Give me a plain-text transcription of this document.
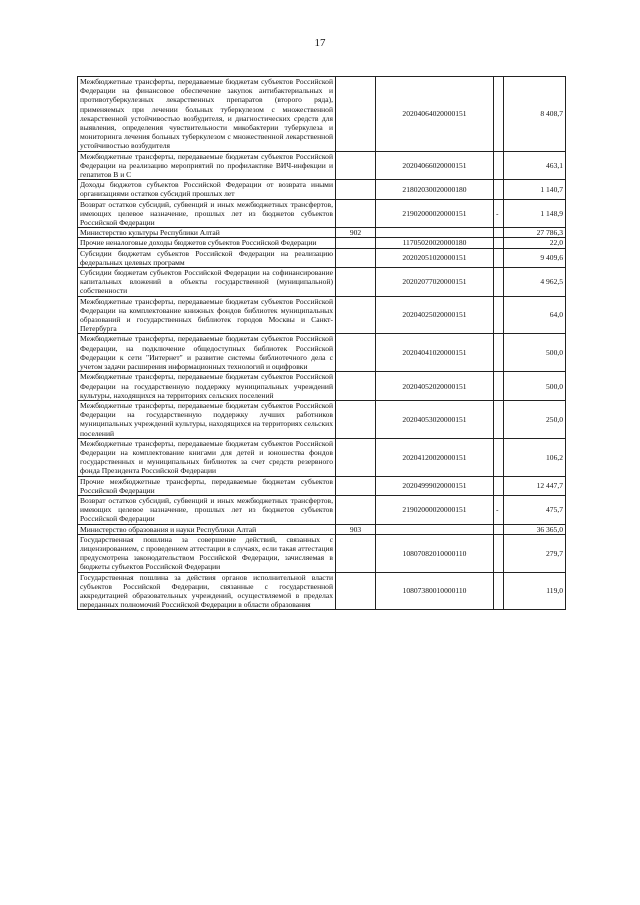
17
Межбюджетные трансферты, передаваемые бюджетам субъектов Российской Федерации на финансовое обеспечение закупок антибактериальных и противотуберкулезных лекарственных препаратов (второго ряда), применяемых при лечении больных туберкулезом с множественной лекарственной устойчивостью возбудителя, и диагностических средств для выявления, определения чувствительности микобактерии туберкулеза и мониторинга лечения больных туберкулезом с множественной лекарственной устойчивостью возбудителя		20204064020000151		8 408,7
Межбюджетные трансферты, передаваемые бюджетам субъектов Российской Федерации на реализацию мероприятий по профилактике ВИЧ-инфекции и гепатитов В и С		20204066020000151		463,1
Доходы бюджетов субъектов Российской Федерации от возврата иными организациями остатков субсидий прошлых лет		21802030020000180		1 140,7
Возврат остатков субсидий, субвенций и иных межбюджетных трансфертов, имеющих целевое назначение, прошлых лет из бюджетов субъектов Российской Федерации		21902000020000151	-	1 148,9
Министерство культуры Республики Алтай	902			27 786,3
Прочие неналоговые доходы бюджетов субъектов Российской Федерации		11705020020000180		22,0
Субсидии бюджетам субъектов Российской Федерации на реализацию федеральных целевых программ		20202051020000151		9 409,6
Субсидии бюджетам субъектов Российской Федерации на софинансирование капитальных вложений в объекты государственной (муниципальной) собственности		20202077020000151		4 962,5
Межбюджетные трансферты, передаваемые бюджетам субъектов Российской Федерации на комплектование книжных фондов библиотек муниципальных образований и государственных библиотек городов Москвы и Санкт-Петербурга		20204025020000151		64,0
Межбюджетные трансферты, передаваемые бюджетам субъектов Российской Федерации, на подключение общедоступных библиотек Российской Федерации к сети "Интернет" и развитие системы библиотечного дела с учетом задачи расширения информационных технологий и оцифровки		20204041020000151		500,0
Межбюджетные трансферты, передаваемые бюджетам субъектов Российской Федерации на государственную поддержку муниципальных учреждений культуры, находящихся на территориях сельских поселений		20204052020000151		500,0
Межбюджетные трансферты, передаваемые бюджетам субъектов Российской Федерации на государственную поддержку лучших работников муниципальных учреждений культуры, находящихся на территориях сельских поселений		20204053020000151		250,0
Межбюджетные трансферты, передаваемые бюджетам субъектов Российской Федерации на комплектование книгами для детей и юношества фондов государственных и муниципальных библиотек за счет средств резервного фонда Президента Российской Федерации		20204120020000151		106,2
Прочие межбюджетные трансферты, передаваемые бюджетам субъектов Российской Федерации		20204999020000151		12 447,7
Возврат остатков субсидий, субвенций и иных межбюджетных трансфертов, имеющих целевое назначение, прошлых лет из бюджетов субъектов Российской Федерации		21902000020000151	-	475,7
Министерство образования и науки Республики Алтай	903			36 365,0
Государственная пошлина за совершение действий, связанных с лицензированием, с проведением аттестации в случаях, если такая аттестация предусмотрена законодательством Российской Федерации, зачисляемая в бюджеты субъектов Российской Федерации		10807082010000110		279,7
Государственная пошлина за действия органов исполнительной власти субъектов Российской Федерации, связанные с государственной аккредитацией образовательных учреждений, осуществляемой в пределах переданных полномочий Российской Федерации в области образования		10807380010000110		119,0
